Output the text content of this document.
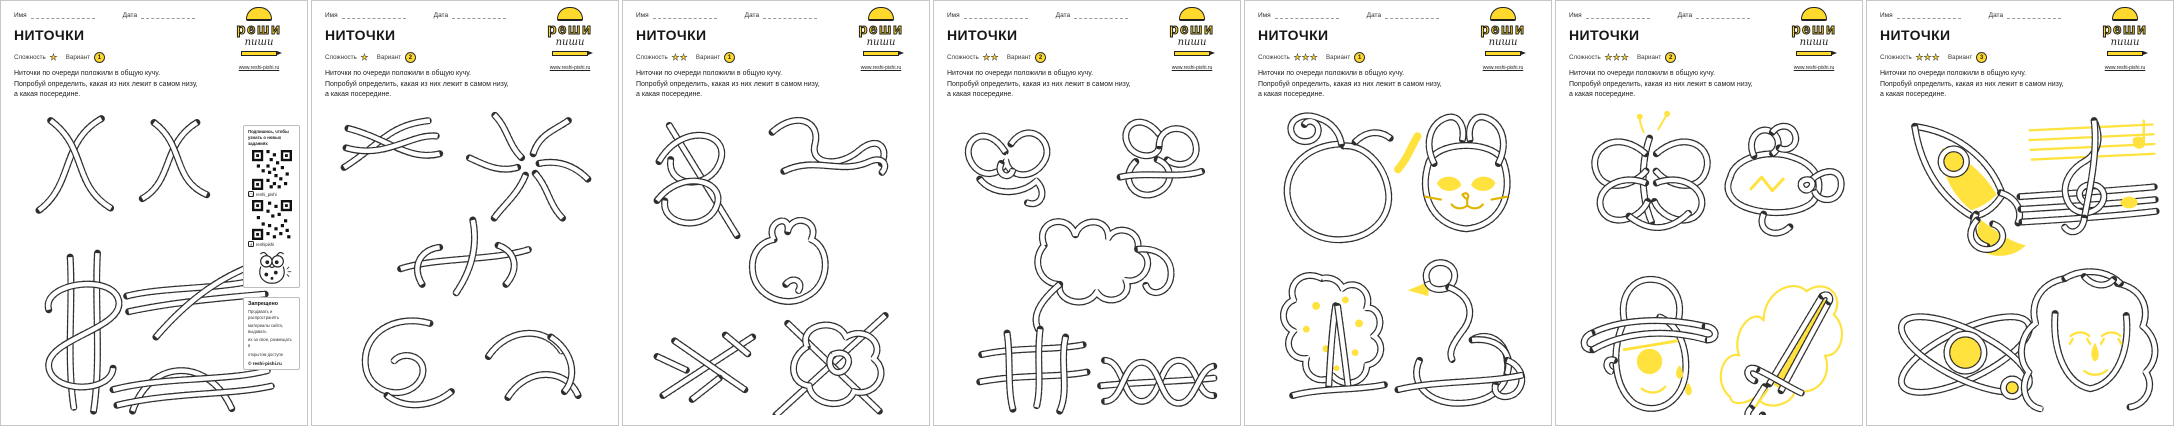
Имя	Дата
реши
пиши
www.reshi-pishi.ru
НИТОЧКИ
Сложность ★ Вариант	1
Ниточки по очереди положили в общую кучу.
Попробуй определить, какая из них лежит в самом низу,
а какая посередине.
Подпишись, чтобы узнать о новых заданиях
◻ reshi_pishi
f	reshipishi
Запрещено
Продавать и распространять
материалы сайта, выдавать
их за свои, размещать в
открытом доступе
© reshi-pishi.ru
Имя	Дата
реши
пиши
www.reshi-pishi.ru
НИТОЧКИ
Сложность ★ Вариант	2
Ниточки по очереди положили в общую кучу.
Попробуй определить, какая из них лежит в самом низу,
а какая посередине.
Имя	Дата
реши
пиши
www.reshi-pishi.ru
НИТОЧКИ
Сложность ★★ Вариант	1
Ниточки по очереди положили в общую кучу.
Попробуй определить, какая из них лежит в самом низу,
а какая посередине.
Имя	Дата
реши
пиши
www.reshi-pishi.ru
НИТОЧКИ
Сложность ★★ Вариант	2
Ниточки по очереди положили в общую кучу.
Попробуй определить, какая из них лежит в самом низу,
а какая посередине.
Имя	Дата
реши
пиши
www.reshi-pishi.ru
НИТОЧКИ
Сложность ★★★ Вариант	1
Ниточки по очереди положили в общую кучу.
Попробуй определить, какая из них лежит в самом низу,
а какая посередине.
Имя	Дата
реши
пиши
www.reshi-pishi.ru
НИТОЧКИ
Сложность ★★★ Вариант	2
Ниточки по очереди положили в общую кучу.
Попробуй определить, какая из них лежит в самом низу,
а какая посередине.
Имя	Дата
реши
пиши
www.reshi-pishi.ru
НИТОЧКИ
Сложность ★★★ Вариант	3
Ниточки по очереди положили в общую кучу.
Попробуй определить, какая из них лежит в самом низу,
а какая посередине.
